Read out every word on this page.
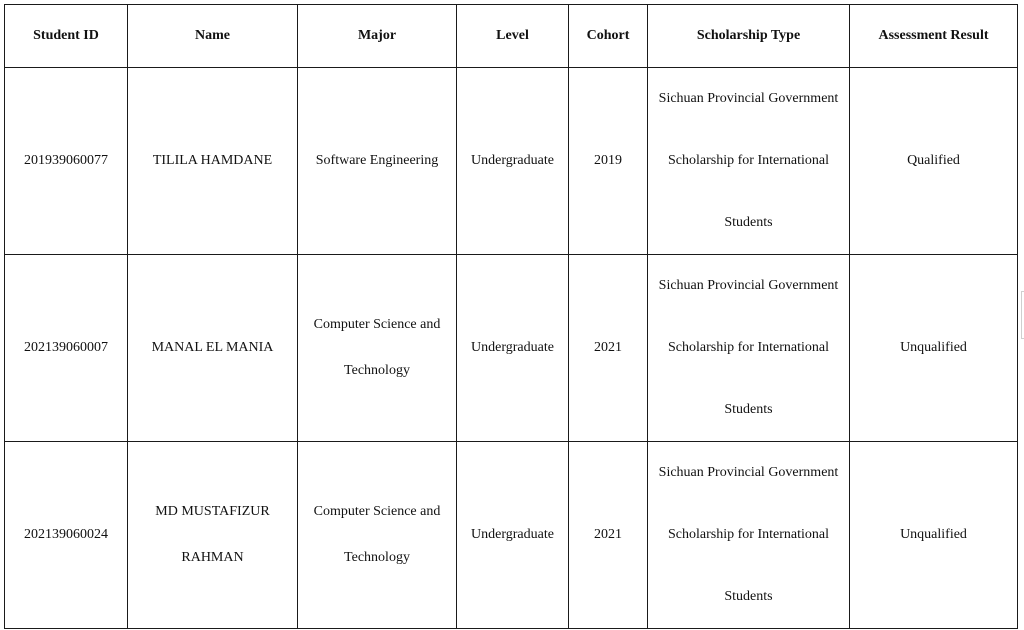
Student ID	Name	Major	Level	Cohort	Scholarship Type	Assessment Result
201939060077	TILILA HAMDANE	Software Engineering	Undergraduate	2019	Sichuan Provincial Government Scholarship for International Students	Qualified
202139060007	MANAL EL MANIA	Computer Science and Technology	Undergraduate	2021	Sichuan Provincial Government Scholarship for International Students	Unqualified
202139060024	MD MUSTAFIZUR RAHMAN	Computer Science and Technology	Undergraduate	2021	Sichuan Provincial Government Scholarship for International Students	Unqualified
